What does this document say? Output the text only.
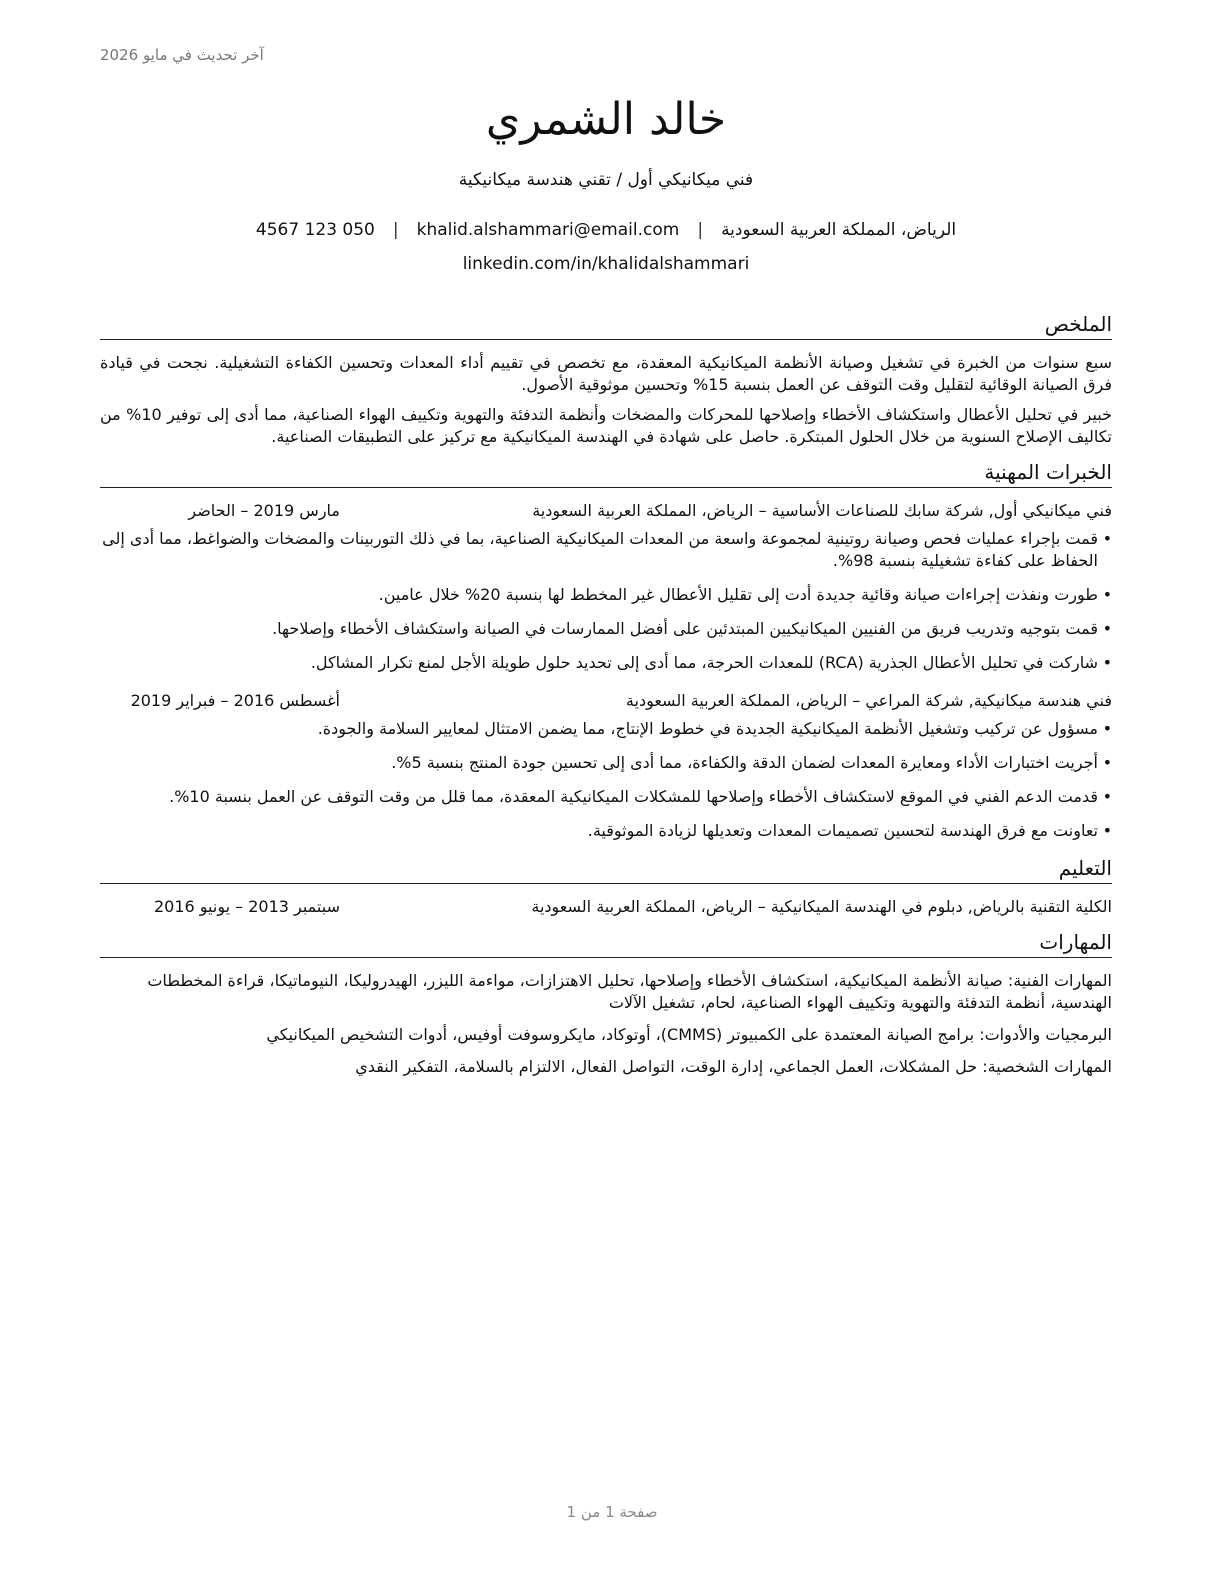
آخر تحديث في مايو 2026
خالد الشمري
فني ميكانيكي أول / تقني هندسة ميكانيكية
الرياض، المملكة العربية السعودية
|
khalid.alshammari@email.com
|
050 123 4567
linkedin.com/in/khalidalshammari
الملخص

سبع سنوات من الخبرة في تشغيل وصيانة الأنظمة الميكانيكية المعقدة، مع تخصص في تقييم أداء المعدات وتحسين الكفاءة التشغيلية. نجحت في قيادة فرق الصيانة الوقائية لتقليل وقت التوقف عن العمل بنسبة 15% وتحسين موثوقية الأصول.

خبير في تحليل الأعطال واستكشاف الأخطاء وإصلاحها للمحركات والمضخات وأنظمة التدفئة والتهوية وتكييف الهواء الصناعية، مما أدى إلى توفير 10% من تكاليف الإصلاح السنوية من خلال الحلول المبتكرة. حاصل على شهادة في الهندسة الميكانيكية مع تركيز على التطبيقات الصناعية.

الخبرات المهنية
فني ميكانيكي أول, شركة سابك للصناعات الأساسية – الرياض، المملكة العربية السعودية
مارس 2019 – الحاضر
• قمت بإجراء عمليات فحص وصيانة روتينية لمجموعة واسعة من المعدات الميكانيكية الصناعية، بما في ذلك التوربينات والمضخات والضواغط، مما أدى إلى الحفاظ على كفاءة تشغيلية بنسبة 98%.
• طورت ونفذت إجراءات صيانة وقائية جديدة أدت إلى تقليل الأعطال غير المخطط لها بنسبة 20% خلال عامين.
• قمت بتوجيه وتدريب فريق من الفنيين الميكانيكيين المبتدئين على أفضل الممارسات في الصيانة واستكشاف الأخطاء وإصلاحها.
• شاركت في تحليل الأعطال الجذرية (RCA) للمعدات الحرجة، مما أدى إلى تحديد حلول طويلة الأجل لمنع تكرار المشاكل.
فني هندسة ميكانيكية, شركة المراعي – الرياض، المملكة العربية السعودية
أغسطس 2016 – فبراير 2019
• مسؤول عن تركيب وتشغيل الأنظمة الميكانيكية الجديدة في خطوط الإنتاج، مما يضمن الامتثال لمعايير السلامة والجودة.
• أجريت اختبارات الأداء ومعايرة المعدات لضمان الدقة والكفاءة، مما أدى إلى تحسين جودة المنتج بنسبة 5%.
• قدمت الدعم الفني في الموقع لاستكشاف الأخطاء وإصلاحها للمشكلات الميكانيكية المعقدة، مما قلل من وقت التوقف عن العمل بنسبة 10%.
• تعاونت مع فرق الهندسة لتحسين تصميمات المعدات وتعديلها لزيادة الموثوقية.
التعليم
الكلية التقنية بالرياض, دبلوم في الهندسة الميكانيكية – الرياض، المملكة العربية السعودية
سبتمبر 2013 – يونيو 2016
المهارات

المهارات الفنية: صيانة الأنظمة الميكانيكية، استكشاف الأخطاء وإصلاحها، تحليل الاهتزازات، مواءمة الليزر، الهيدروليكا، النيوماتيكا، قراءة المخططات الهندسية، أنظمة التدفئة والتهوية وتكييف الهواء الصناعية، لحام، تشغيل الآلات

البرمجيات والأدوات: برامج الصيانة المعتمدة على الكمبيوتر (CMMS)، أوتوكاد، مايكروسوفت أوفيس، أدوات التشخيص الميكانيكي

المهارات الشخصية: حل المشكلات، العمل الجماعي، إدارة الوقت، التواصل الفعال، الالتزام بالسلامة، التفكير النقدي

صفحة 1 من 1
